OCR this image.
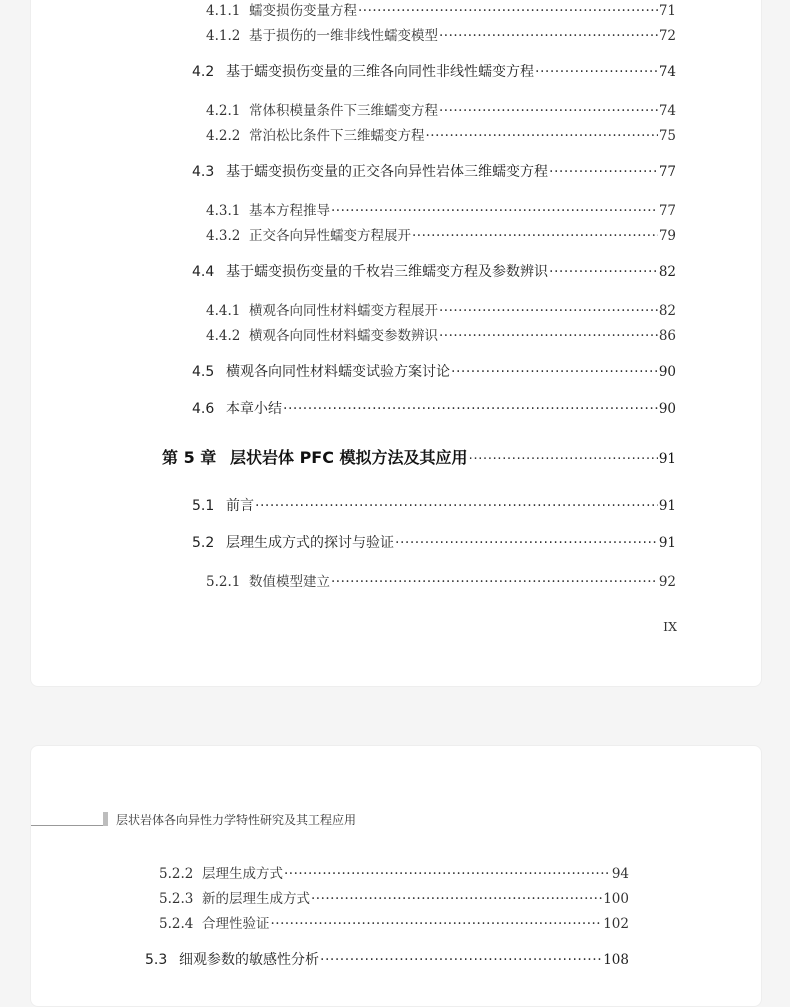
4.1.1 蠕变损伤变量方程 ·····	71
4.1.2 基于损伤的一维非线性蠕变模型 ·····	72
4.2 基于蠕变损伤变量的三维各向同性非线性蠕变方程 ·····	74
4.2.1 常体积模量条件下三维蠕变方程 ·····	74
4.2.2 常泊松比条件下三维蠕变方程 ·····	75
4.3 基于蠕变损伤变量的正交各向异性岩体三维蠕变方程 ·····	77
4.3.1 基本方程推导 ·····	77
4.3.2 正交各向异性蠕变方程展开 ·····	79
4.4 基于蠕变损伤变量的千枚岩三维蠕变方程及参数辨识 ·····	82
4.4.1 横观各向同性材料蠕变方程展开 ·····	82
4.4.2 横观各向同性材料蠕变参数辨识 ·····	86
4.5 横观各向同性材料蠕变试验方案讨论 ·····	90
4.6 本章小结 ·····	90
第 5 章 层状岩体 PFC 模拟方法及其应用 ·····	91
5.1 前言 ·····	91
5.2 层理生成方式的探讨与验证 ·····	91
5.2.1 数值模型建立 ·····	92
IX
层状岩体各向异性力学特性研究及其工程应用
5.2.2 层理生成方式 ·····	94
5.2.3 新的层理生成方式 ·····	100
5.2.4 合理性验证 ·····	102
5.3 细观参数的敏感性分析 ·····	108
